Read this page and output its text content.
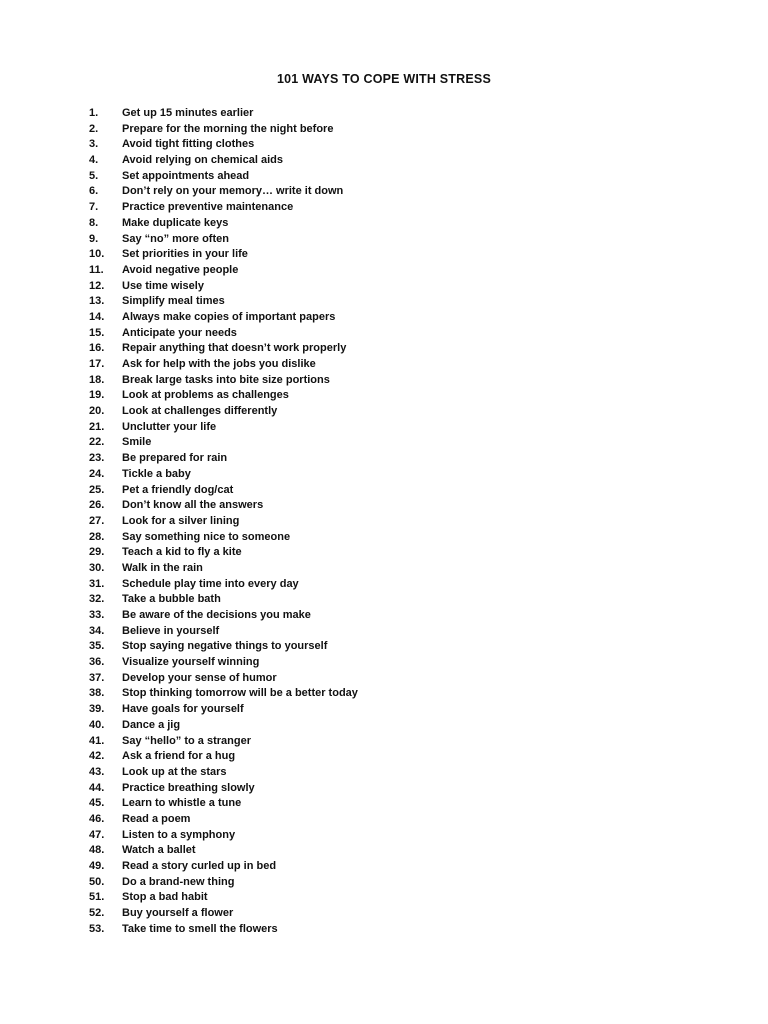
101 WAYS TO COPE WITH STRESS
1.	Get up 15 minutes earlier
2.	Prepare for the morning the night before
3.	Avoid tight fitting clothes
4.	Avoid relying on chemical aids
5.	Set appointments ahead
6.	Don’t rely on your memory… write it down
7.	Practice preventive maintenance
8.	Make duplicate keys
9.	Say “no” more often
10.	Set priorities in your life
11.	Avoid negative people
12.	Use time wisely
13.	Simplify meal times
14.	Always make copies of important papers
15.	Anticipate your needs
16.	Repair anything that doesn’t work properly
17.	Ask for help with the jobs you dislike
18.	Break large tasks into bite size portions
19.	Look at problems as challenges
20.	Look at challenges differently
21.	Unclutter your life
22.	Smile
23.	Be prepared for rain
24.	Tickle a baby
25.	Pet a friendly dog/cat
26.	Don’t know all the answers
27.	Look for a silver lining
28.	Say something nice to someone
29.	Teach a kid to fly a kite
30.	Walk in the rain
31.	Schedule play time into every day
32.	Take a bubble bath
33.	Be aware of the decisions you make
34.	Believe in yourself
35.	Stop saying negative things to yourself
36.	Visualize yourself winning
37.	Develop your sense of humor
38.	Stop thinking tomorrow will be a better today
39.	Have goals for yourself
40.	Dance a jig
41.	Say “hello” to a stranger
42.	Ask a friend for a hug
43.	Look up at the stars
44.	Practice breathing slowly
45.	Learn to whistle a tune
46.	Read a poem
47.	Listen to a symphony
48.	Watch a ballet
49.	Read a story curled up in bed
50.	Do a brand-new thing
51.	Stop a bad habit
52.	Buy yourself a flower
53.	Take time to smell the flowers
